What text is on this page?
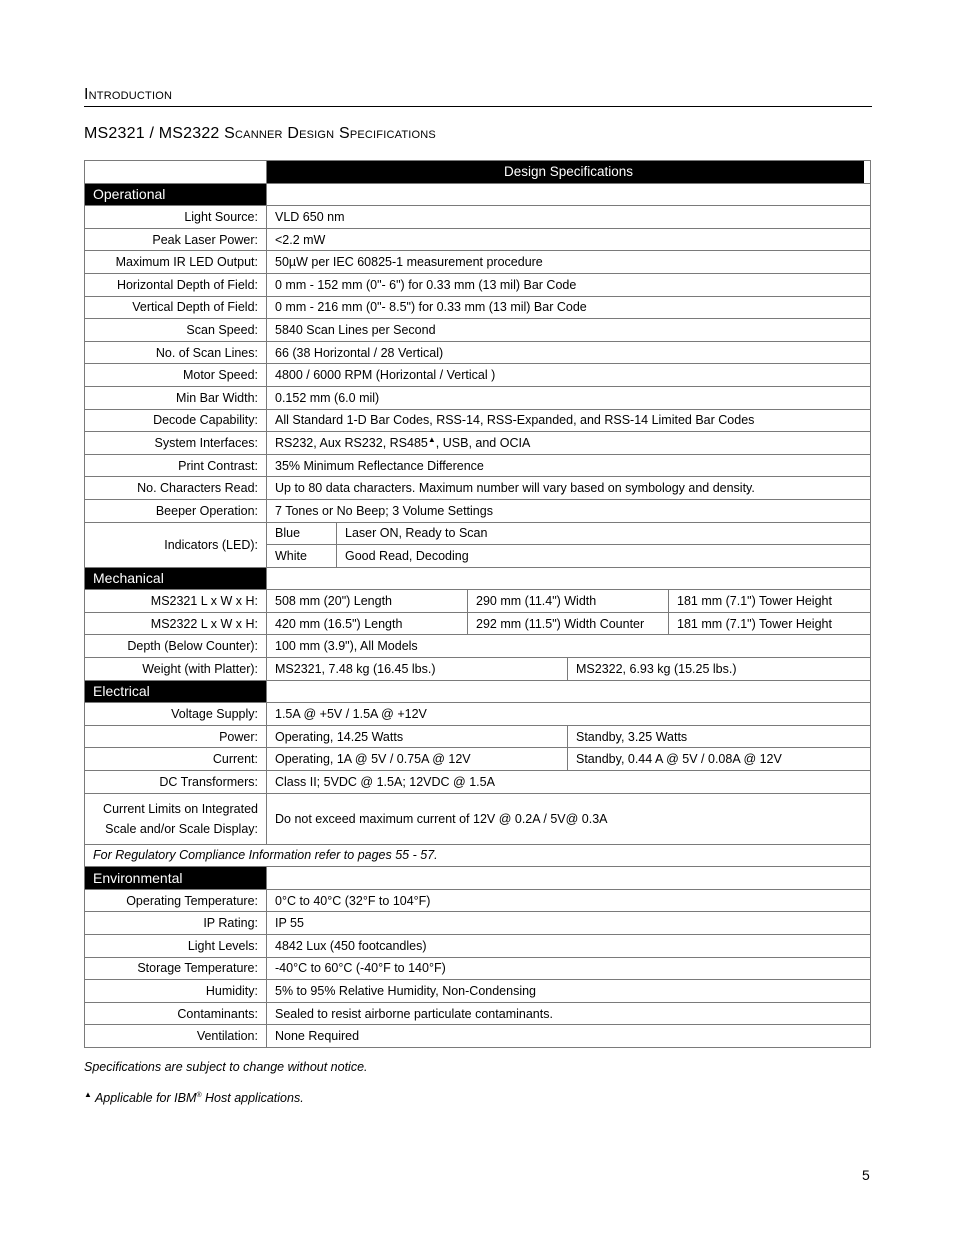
Introduction
MS2321 / MS2322 Scanner Design Specifications
	Design Specifications
Operational	
Light Source:	VLD 650 nm
Peak Laser Power:	<2.2 mW
Maximum IR LED Output:	50µW per IEC 60825-1 measurement procedure
Horizontal Depth of Field:	0 mm - 152 mm (0"- 6") for 0.33 mm (13 mil) Bar Code
Vertical Depth of Field:	0 mm - 216 mm (0"- 8.5") for 0.33 mm (13 mil) Bar Code
Scan Speed:	5840 Scan Lines per Second
No. of Scan Lines:	66 (38 Horizontal / 28 Vertical)
Motor Speed:	4800 / 6000 RPM (Horizontal / Vertical )
Min Bar Width:	0.152 mm (6.0 mil)
Decode Capability:	All Standard 1-D Bar Codes, RSS-14, RSS-Expanded, and RSS-14 Limited Bar Codes
System Interfaces:	RS232, Aux RS232, RS485▲, USB, and OCIA
Print Contrast:	35% Minimum Reflectance Difference
No. Characters Read:	Up to 80 data characters. Maximum number will vary based on symbology and density.
Beeper Operation:	7 Tones or No Beep; 3 Volume Settings
Indicators (LED):	
Blue	Laser ON, Ready to Scan
White	Good Read, Decoding

Mechanical	
MS2321 L x W x H:	508 mm (20") Length	290 mm (11.4") Width	181 mm (7.1") Tower Height
MS2322 L x W x H:	420 mm (16.5") Length	292 mm (11.5") Width Counter	181 mm (7.1") Tower Height
Depth (Below Counter):	100 mm (3.9"), All Models
Weight (with Platter):	MS2321, 7.48 kg (16.45 lbs.)	MS2322, 6.93 kg (15.25 lbs.)
Electrical	
Voltage Supply:	1.5A @ +5V / 1.5A @ +12V
Power:	Operating, 14.25 Watts	Standby, 3.25 Watts
Current:	Operating, 1A @ 5V / 0.75A @ 12V	Standby, 0.44 A @ 5V / 0.08A @ 12V
DC Transformers:	Class II; 5VDC @ 1.5A; 12VDC @ 1.5A
Current Limits on Integrated
Scale and/or Scale Display:	Do not exceed maximum current of 12V @ 0.2A / 5V@ 0.3A
For Regulatory Compliance Information refer to pages 55 - 57.
Environmental	
Operating Temperature:	0°C to 40°C (32°F to 104°F)
IP Rating:	IP 55
Light Levels:	4842 Lux (450 footcandles)
Storage Temperature:	-40°C to 60°C (-40°F to 140°F)
Humidity:	5% to 95% Relative Humidity, Non-Condensing
Contaminants:	Sealed to resist airborne particulate contaminants.
Ventilation:	None Required
Specifications are subject to change without notice.
▲ Applicable for IBM® Host applications.
5
